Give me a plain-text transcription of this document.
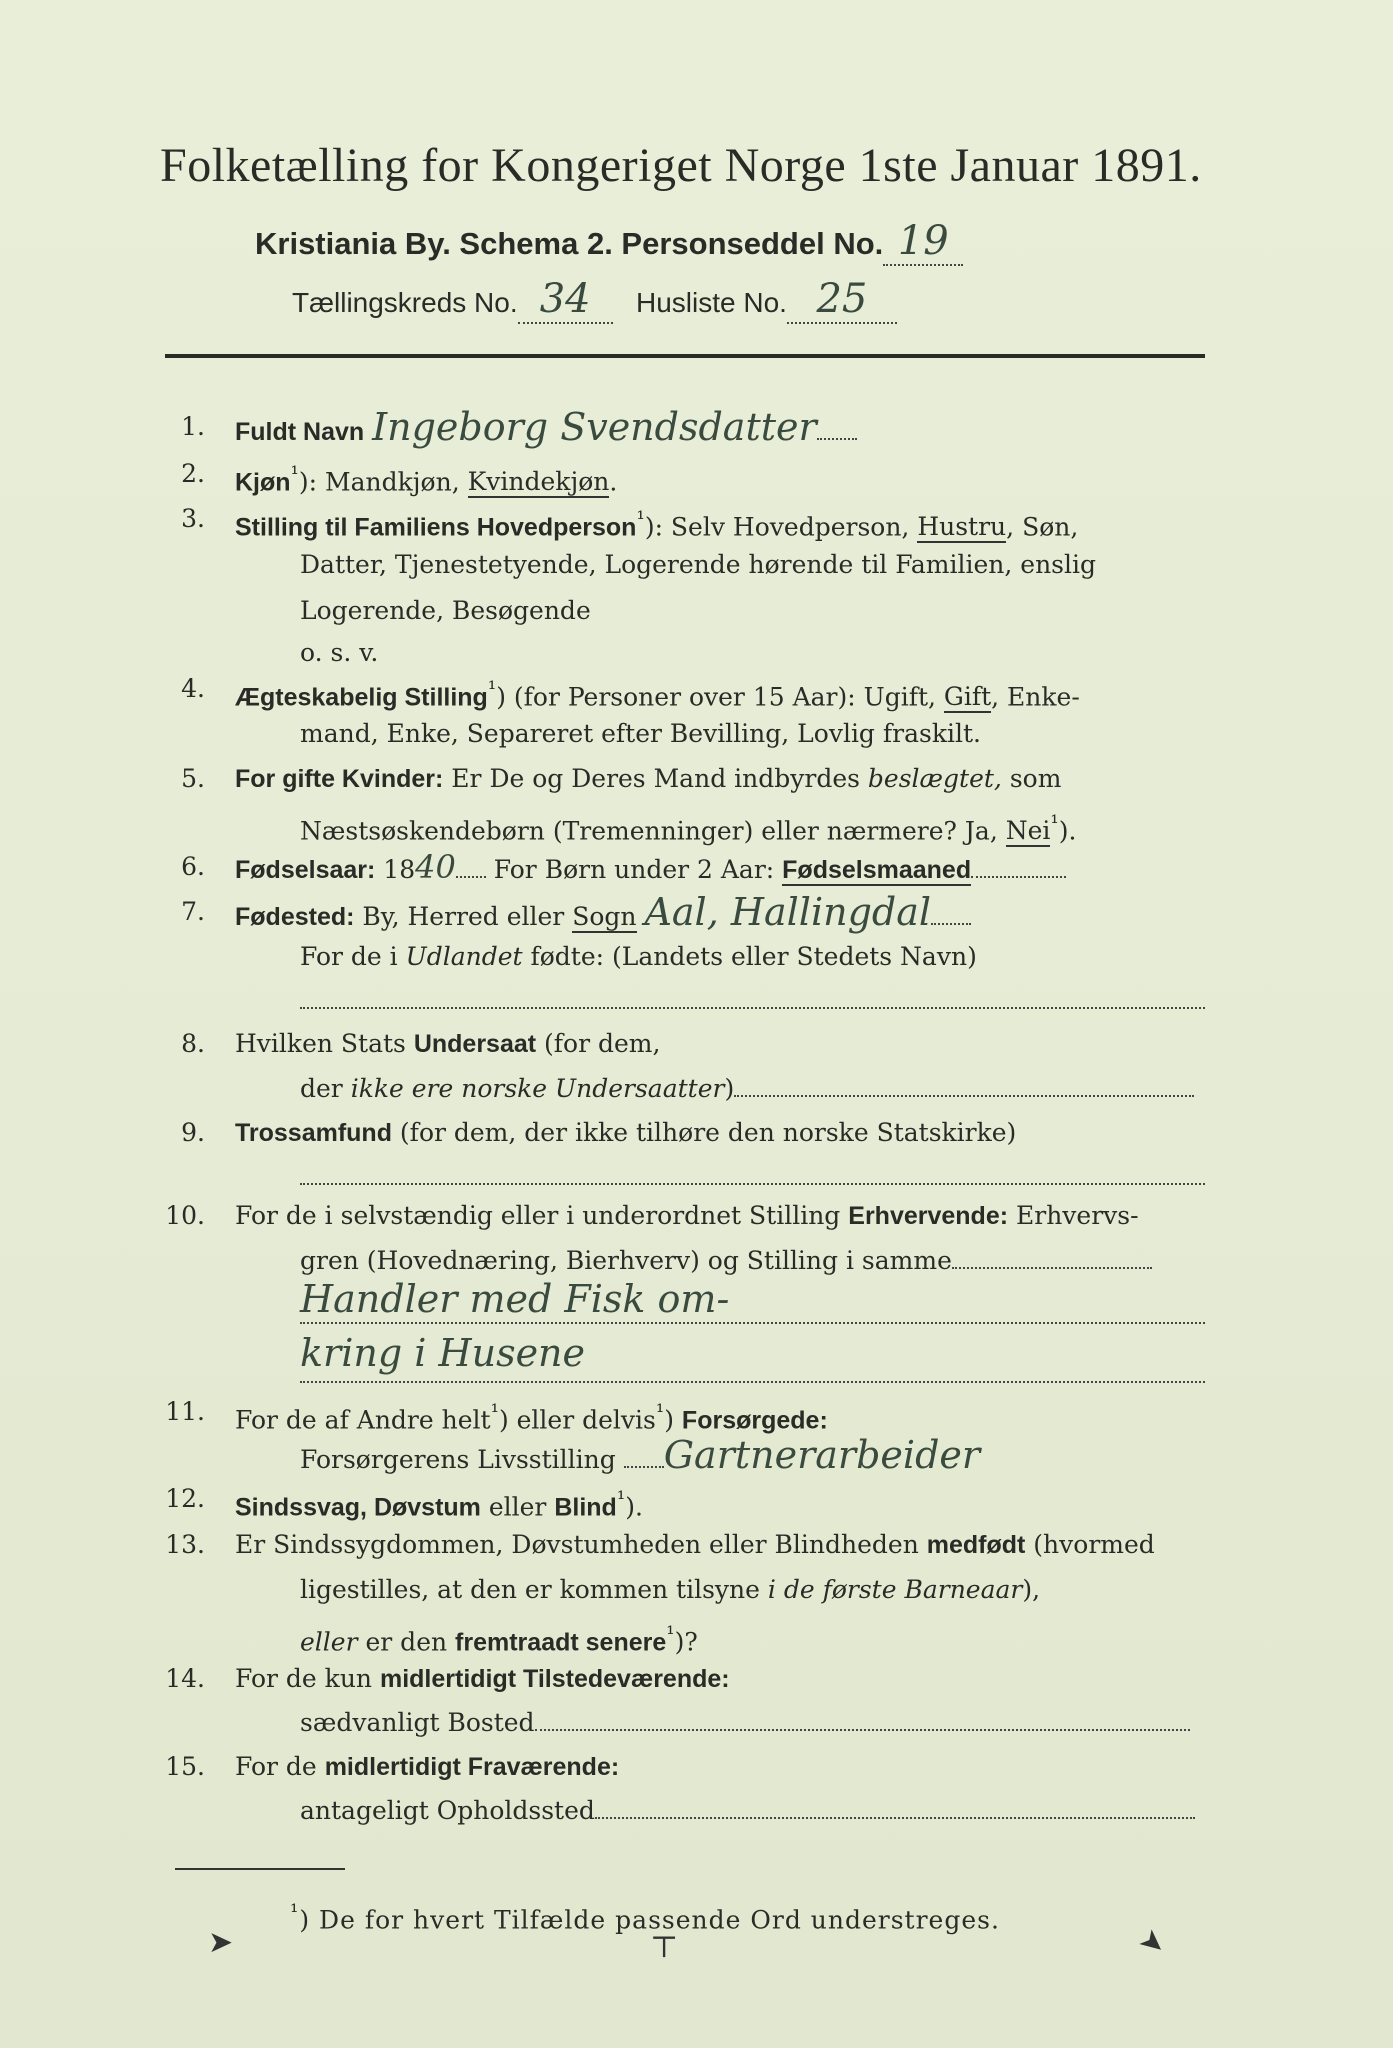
Folketælling for Kongeriget Norge 1ste Januar 1891.
Kristiania By. Schema 2. Personseddel No. 19
Tællingskreds No. 34 Husliste No. 25
1. Fuldt Navn Ingeborg Svendsdatter
2. Kjøn$^{^1}$): Mandkjøn, Kvindekjøn.
3. Stilling til Familiens Hovedperson$^{^1}$): Selv Hovedperson, Hustru, Søn,
Datter, Tjenestetyende, Logerende hørende til Familien, enslig
Logerende, Besøgende
o. s. v.
4. Ægteskabelig Stilling$^{^1}$) (for Personer over 15 Aar): Ugift, Gift, Enke-
mand, Enke, Separeret efter Bevilling, Lovlig fraskilt.
5. For gifte Kvinder: Er De og Deres Mand indbyrdes beslægtet, som
Næstsøskendebørn (Tremenninger) eller nærmere? Ja, Nei$^{^1}$).
6. Fødselsaar: 1840 For Børn under 2 Aar: Fødselsmaaned
7. Fødested: By, Herred eller Sogn Aal, Hallingdal
For de i Udlandet fødte: (Landets eller Stedets Navn)
8. Hvilken Stats Undersaat (for dem,
der ikke ere norske Undersaatter)
9. Trossamfund (for dem, der ikke tilhøre den norske Statskirke)
10. For de i selvstændig eller i underordnet Stilling Erhvervende: Erhvervs-
gren (Hovednæring, Bierhverv) og Stilling i samme
Handler med Fisk om-
kring i Husene
11. For de af Andre helt$^{^1}$) eller delvis$^{^1}$) Forsørgede:
Forsørgerens Livsstilling Gartnerarbeider
12. Sindssvag, Døvstum eller Blind$^{^1}$).
13. Er Sindssygdommen, Døvstumheden eller Blindheden medfødt (hvormed
ligestilles, at den er kommen tilsyne i de første Barneaar),
eller er den fremtraadt senere$^{^1}$)?
14. For de kun midlertidigt Tilstedeværende:
sædvanligt Bosted
15. For de midlertidigt Fraværende:
antageligt Opholdssted
$^{^1}$) De for hvert Tilfælde passende Ord understreges.
➤	⊤	➤
